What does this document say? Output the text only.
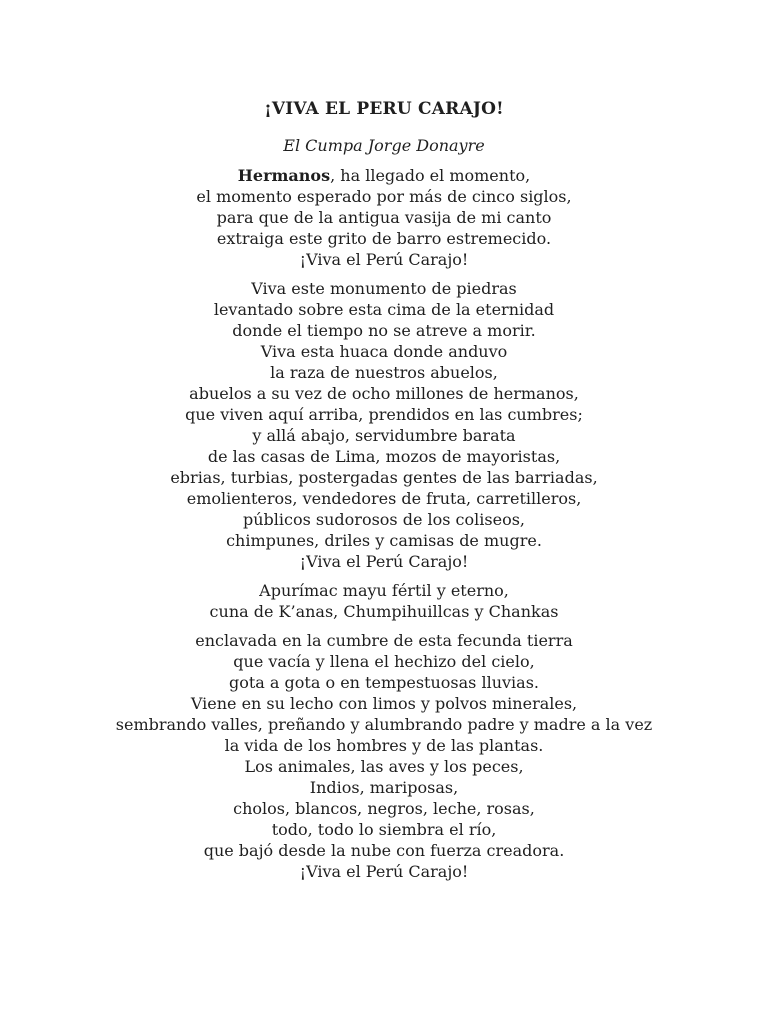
¡VIVA EL PERU CARAJO!
El Cumpa Jorge Donayre
Hermanos, ha llegado el momento,
el momento esperado por más de cinco siglos,
para que de la antigua vasija de mi canto
extraiga este grito de barro estremecido.
¡Viva el Perú Carajo!
Viva este monumento de piedras
levantado sobre esta cima de la eternidad
donde el tiempo no se atreve a morir.
Viva esta huaca donde anduvo
la raza de nuestros abuelos,
abuelos a su vez de ocho millones de hermanos,
que viven aquí arriba, prendidos en las cumbres;
y allá abajo, servidumbre barata
de las casas de Lima, mozos de mayoristas,
ebrias, turbias, postergadas gentes de las barriadas,
emolienteros, vendedores de fruta, carretilleros,
públicos sudorosos de los coliseos,
chimpunes, driles y camisas de mugre.
¡Viva el Perú Carajo!
Apurímac mayu fértil y eterno,
cuna de K’anas, Chumpihuillcas y Chankas
enclavada en la cumbre de esta fecunda tierra
que vacía y llena el hechizo del cielo,
gota a gota o en tempestuosas lluvias.
Viene en su lecho con limos y polvos minerales,
sembrando valles, preñando y alumbrando padre y madre a la vez
la vida de los hombres y de las plantas.
Los animales, las aves y los peces,
Indios, mariposas,
cholos, blancos, negros, leche, rosas,
todo, todo lo siembra el río,
que bajó desde la nube con fuerza creadora.
¡Viva el Perú Carajo!
